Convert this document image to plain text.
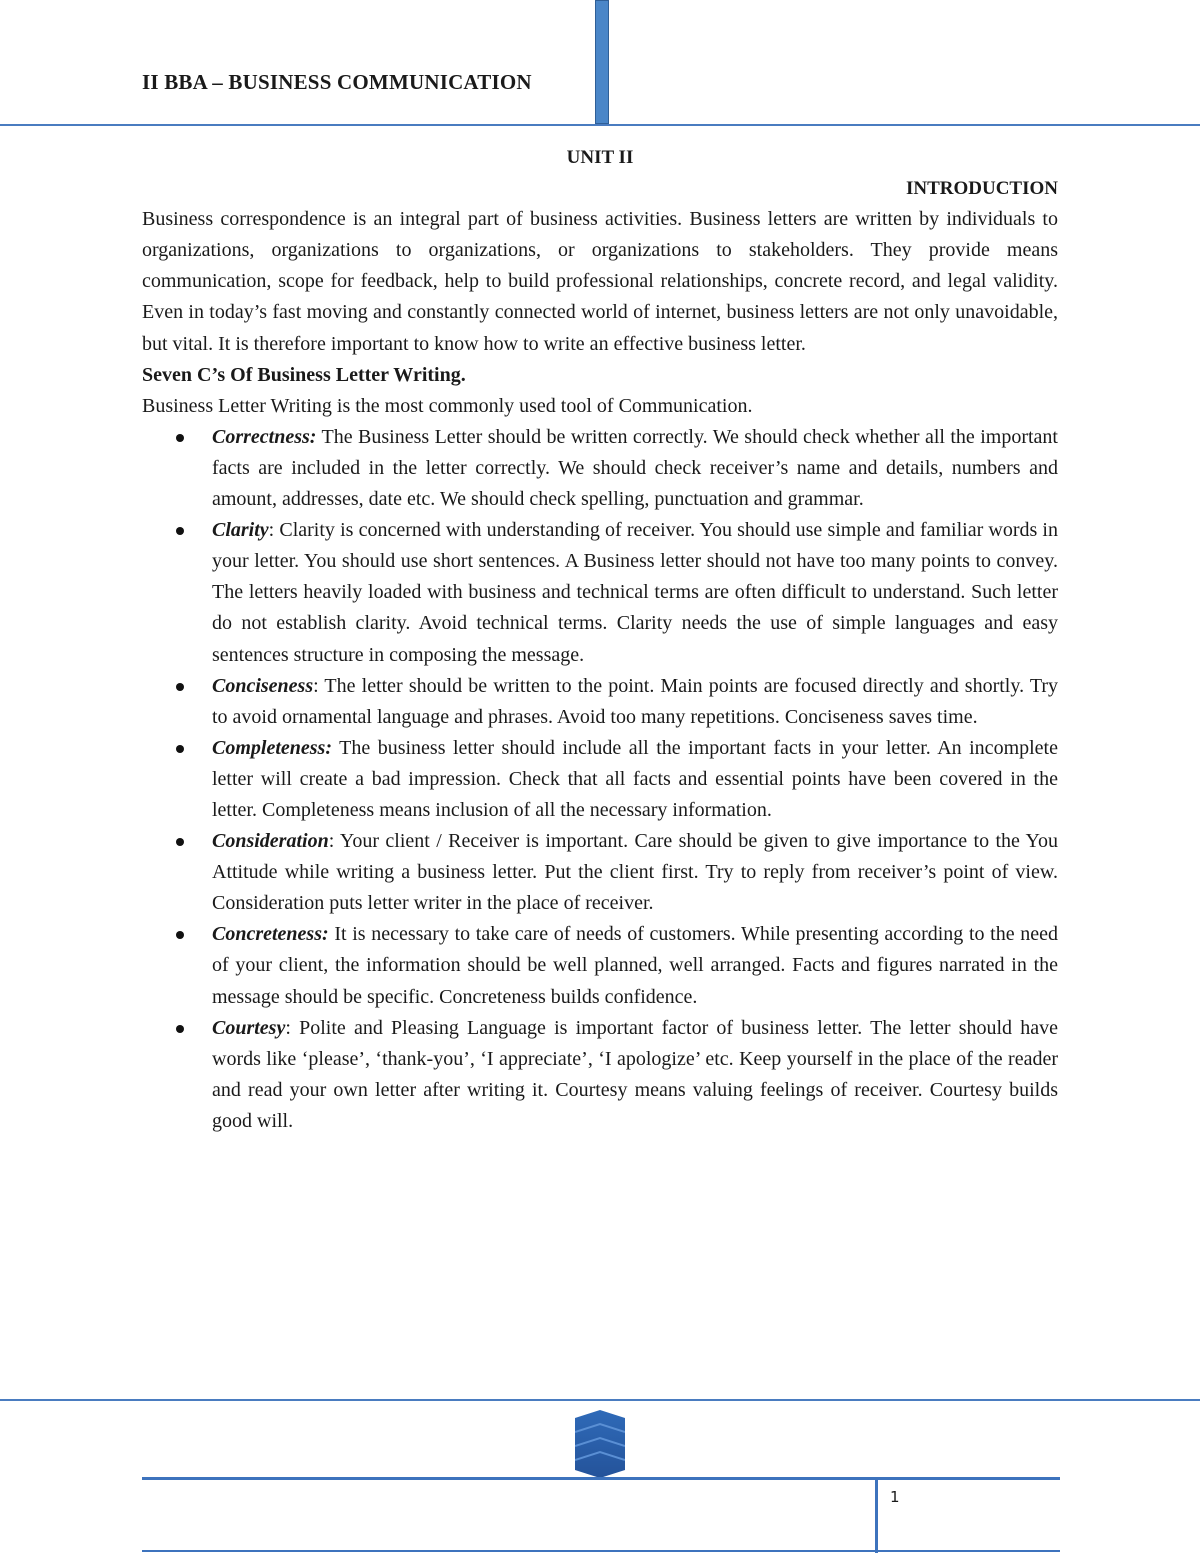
II BBA – BUSINESS COMMUNICATION
UNIT II
INTRODUCTION

Business correspondence is an integral part of business activities. Business letters are written by individuals to organizations, organizations to organizations, or organizations to stakeholders. They provide means communication, scope for feedback, help to build professional relationships, concrete record, and legal validity. Even in today’s fast moving and constantly connected world of internet, business letters are not only unavoidable, but vital. It is therefore important to know how to write an effective business letter.

Seven C’s Of Business Letter Writing.

Business Letter Writing is the most commonly used tool of Communication.

Correctness: The Business Letter should be written correctly. We should check whether all the important facts are included in the letter correctly. We should check receiver’s name and details, numbers and amount, addresses, date etc. We should check spelling, punctuation and grammar.
Clarity: Clarity is concerned with understanding of receiver. You should use simple and familiar words in your letter. You should use short sentences. A Business letter should not have too many points to convey. The letters heavily loaded with business and technical terms are often difficult to understand. Such letter do not establish clarity. Avoid technical terms. Clarity needs the use of simple languages and easy sentences structure in composing the message.
Conciseness: The letter should be written to the point. Main points are focused directly and shortly. Try to avoid ornamental language and phrases. Avoid too many repetitions. Conciseness saves time.
Completeness: The business letter should include all the important facts in your letter. An incomplete letter will create a bad impression. Check that all facts and essential points have been covered in the letter. Completeness means inclusion of all the necessary information.
Consideration: Your client / Receiver is important. Care should be given to give importance to the You Attitude while writing a business letter. Put the client first. Try to reply from receiver’s point of view. Consideration puts letter writer in the place of receiver.
Concreteness: It is necessary to take care of needs of customers. While presenting according to the need of your client, the information should be well planned, well arranged. Facts and figures narrated in the message should be specific. Concreteness builds confidence.
Courtesy: Polite and Pleasing Language is important factor of business letter. The letter should have words like ‘please’, ‘thank-you’, ‘I appreciate’, ‘I apologize’ etc. Keep yourself in the place of the reader and read your own letter after writing it. Courtesy means valuing feelings of receiver. Courtesy builds good will.
1
